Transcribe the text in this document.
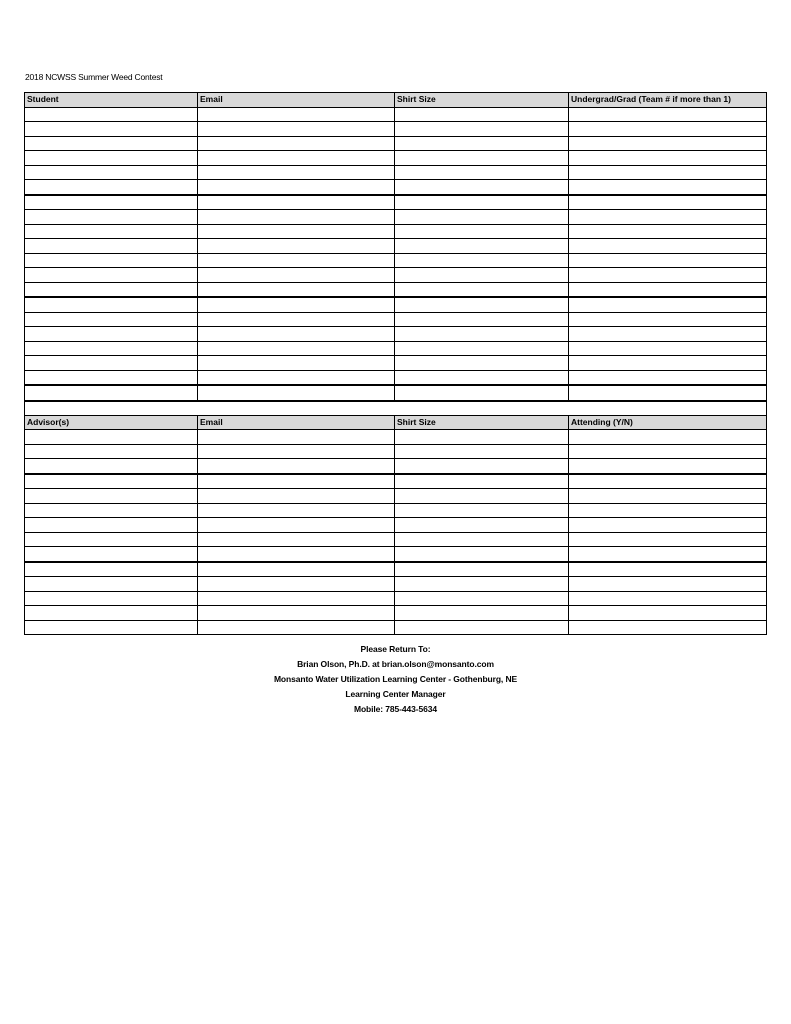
2018 NCWSS Summer Weed Contest
Student	Email	Shirt Size	Undergrad/Grad (Team # if more than 1)

Advisor(s)	Email	Shirt Size	Attending (Y/N)

Please Return To:
Brian Olson, Ph.D. at brian.olson@monsanto.com
Monsanto Water Utilization Learning Center - Gothenburg, NE
Learning Center Manager
Mobile: 785-443-5634
